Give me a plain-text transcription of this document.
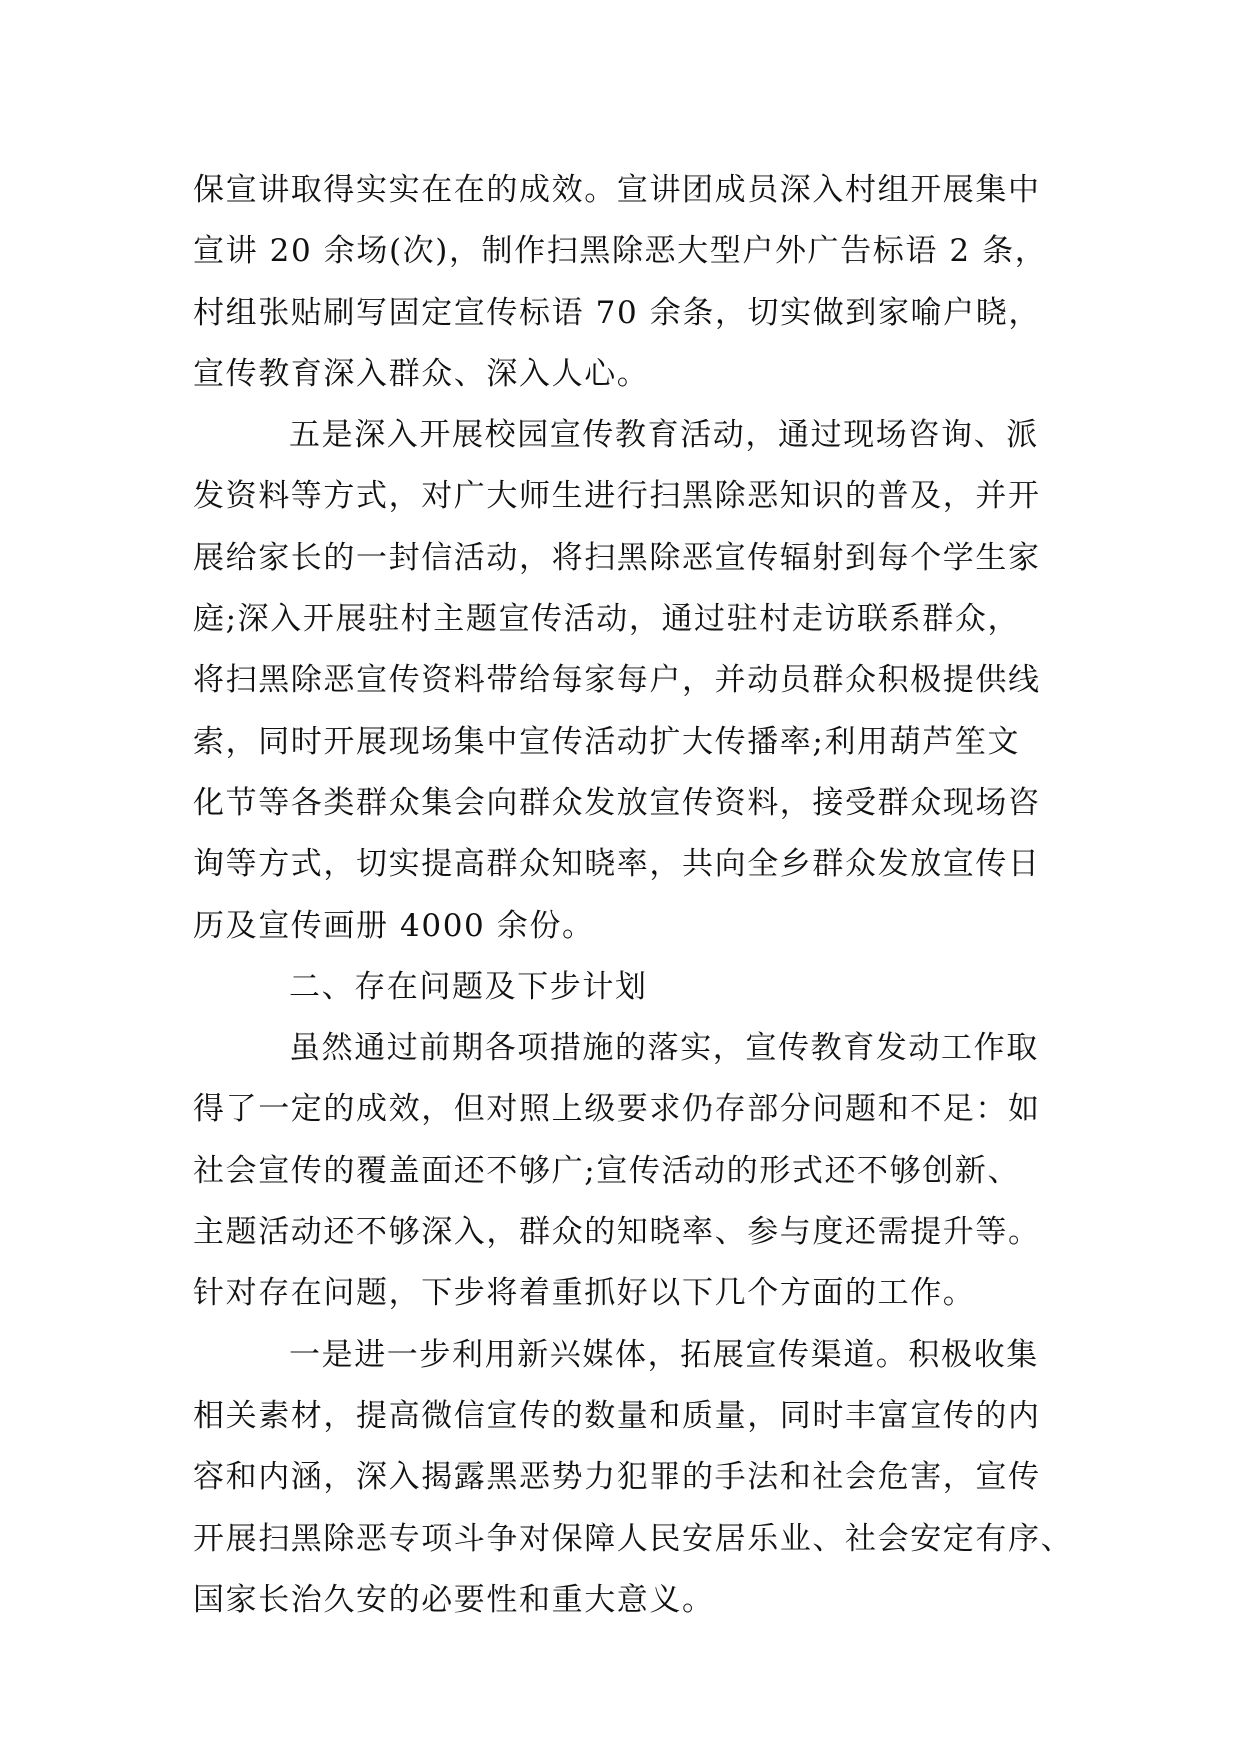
保宣讲取得实实在在的成效。宣讲团成员深入村组开展集中
宣讲 20 余场(次)，制作扫黑除恶大型户外广告标语 2 条，
村组张贴刷写固定宣传标语 70 余条，切实做到家喻户晓，
宣传教育深入群众、深入人心。
五是深入开展校园宣传教育活动，通过现场咨询、派
发资料等方式，对广大师生进行扫黑除恶知识的普及，并开
展给家长的一封信活动，将扫黑除恶宣传辐射到每个学生家
庭;深入开展驻村主题宣传活动，通过驻村走访联系群众，
将扫黑除恶宣传资料带给每家每户，并动员群众积极提供线
索，同时开展现场集中宣传活动扩大传播率;利用葫芦笙文
化节等各类群众集会向群众发放宣传资料，接受群众现场咨
询等方式，切实提高群众知晓率，共向全乡群众发放宣传日
历及宣传画册 4000 余份。
二、存在问题及下步计划
虽然通过前期各项措施的落实，宣传教育发动工作取
得了一定的成效，但对照上级要求仍存部分问题和不足：如
社会宣传的覆盖面还不够广;宣传活动的形式还不够创新、
主题活动还不够深入，群众的知晓率、参与度还需提升等。
针对存在问题，下步将着重抓好以下几个方面的工作。
一是进一步利用新兴媒体，拓展宣传渠道。积极收集
相关素材，提高微信宣传的数量和质量，同时丰富宣传的内
容和内涵，深入揭露黑恶势力犯罪的手法和社会危害，宣传
开展扫黑除恶专项斗争对保障人民安居乐业、社会安定有序、
国家长治久安的必要性和重大意义。
